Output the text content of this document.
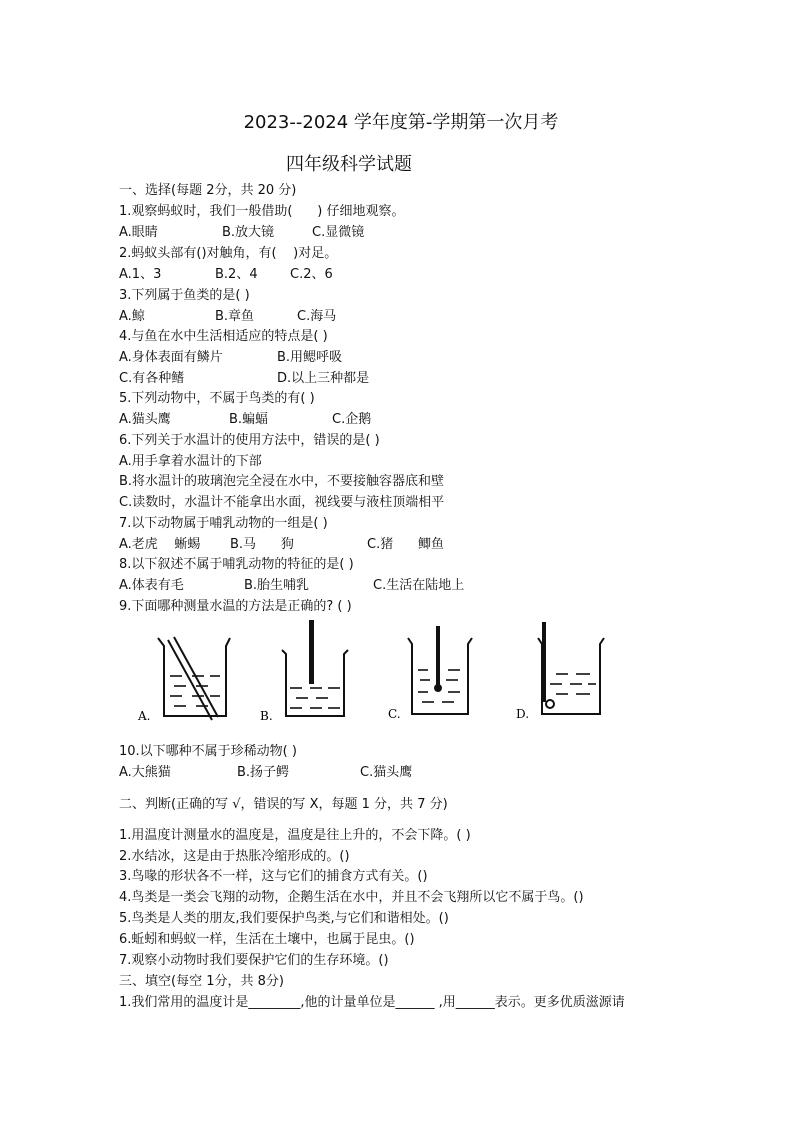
2023--2024 学年度第-学期第一次月考
四年级科学试题
一、选择(每题 2分，共 20 分)
1.观察蚂蚁时，我们一般借助(      ) 仔细地观察。

A.眼睛

	B.放大镜

	C.显微镜

2.蚂蚁头部有()对触角，有(    )对足。

A.1、3

	B.2、4

C.2、6

3.下列属于鱼类的是( )

A.鲸

	B.章鱼

	C.海马

4.与鱼在水中生活相适应的特点是( )

A.身体表面有鳞片

	B.用鳃呼吸

C.有各种鳍

	D.以上三种都是

5.下列动物中，不属于鸟类的有( )

A.猫头鹰

	B.蝙蝠

	C.企鹅

6.下列关于水温计的使用方法中，错误的是( )
A.用手拿着水温计的下部
B.将水温计的玻璃泡完全浸在水中，不要接触容器底和壁
C.读数时，水温计不能拿出水面，视线要与液柱顶端相平
7.以下动物属于哺乳动物的一组是( )

A.老虎    蜥蜴

B.马      狗

	C.猪      鲫鱼

8.以下叙述不属于哺乳动物的特征的是( )

A.体表有毛

	B.胎生哺乳

	C.生活在陆地上

9.下面哪种测量水温的方法是正确的? ( )
A.	B.	C.	D.
10.以下哪种不属于珍稀动物( )

A.大熊猫

	B.扬子鳄

	C.猫头鹰

二、判断(正确的写 √，错误的写 X，每题 1 分，共 7 分)
1.用温度计测量水的温度是，温度是往上升的，不会下降。( )
2.水结冰，这是由于热胀冷缩形成的。()
3.鸟喙的形状各不一样，这与它们的捕食方式有关。()
4.鸟类是一类会飞翔的动物，企鹅生活在水中，并且不会飞翔所以它不属于鸟。()
5.鸟类是人类的朋友,我们要保护鸟类,与它们和谐相处。()
6.蚯蚓和蚂蚁一样，生活在土壤中，也属于昆虫。()
7.观察小动物时我们要保护它们的生存环境。()
三、填空(每空 1分，共 8分)
1.我们常用的温度计是________,他的计量单位是______ ,用______表示。更多优质滋源请
